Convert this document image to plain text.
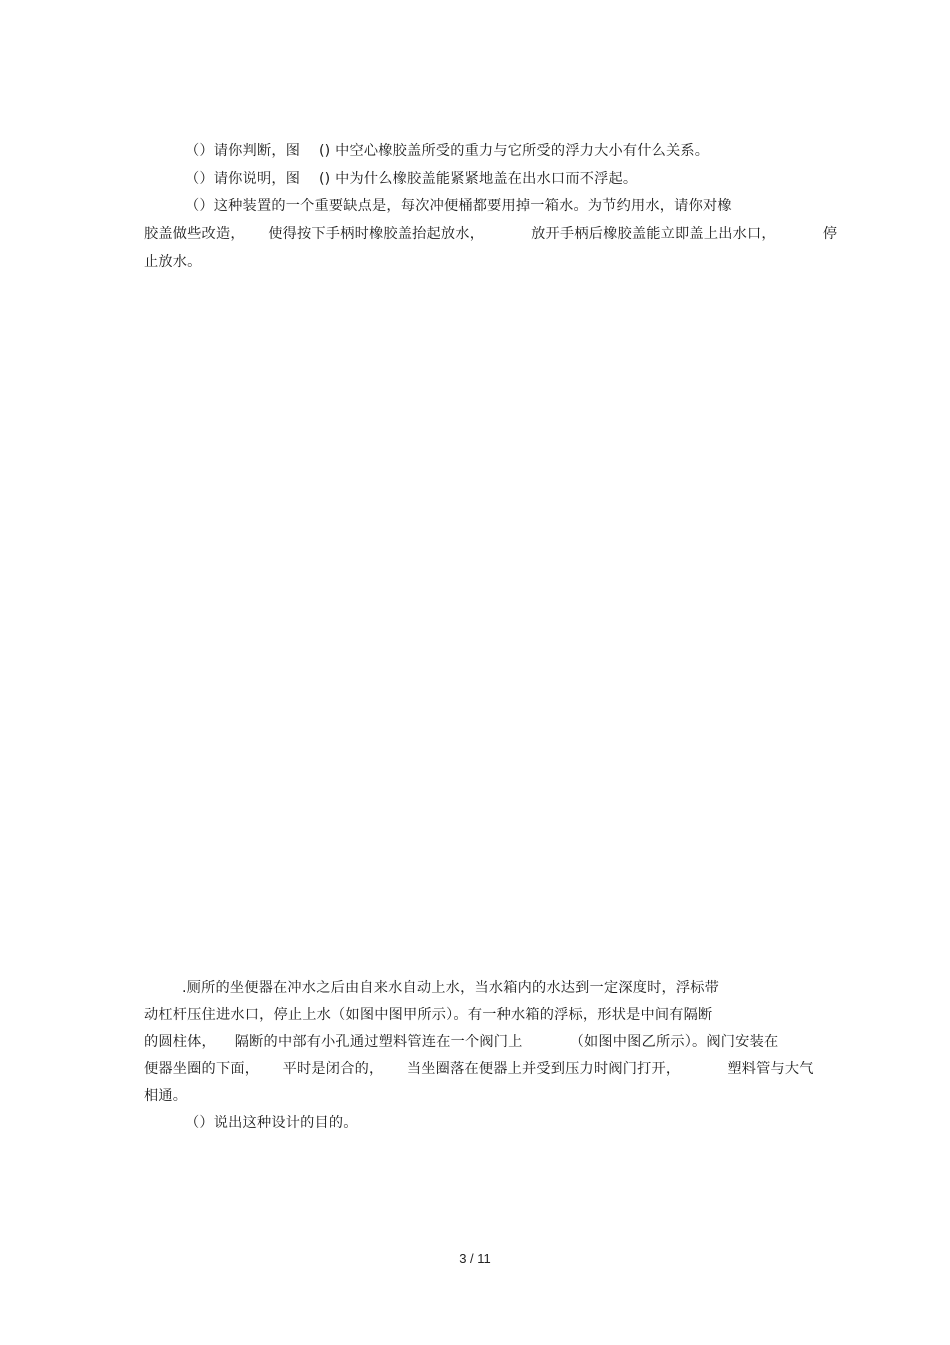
（）请你判断，图    () 中空心橡胶盖所受的重力与它所受的浮力大小有什么关系。
（）请你说明，图    () 中为什么橡胶盖能紧紧地盖在出水口而不浮起。
（）这种装置的一个重要缺点是，每次冲便桶都要用掉一箱水。为节约用水，请你对橡
胶盖做些改造，     使得按下手柄时橡胶盖抬起放水，          放开手柄后橡胶盖能立即盖上出水口，          停
止放水。
.厕所的坐便器在冲水之后由自来水自动上水，当水箱内的水达到一定深度时，浮标带
动杠杆压住进水口，停止上水（如图中图甲所示）。有一种水箱的浮标，形状是中间有隔断
的圆柱体，    隔断的中部有小孔通过塑料管连在一个阀门上          （如图中图乙所示）。阀门安装在
便器坐圈的下面，     平时是闭合的，     当坐圈落在便器上并受到压力时阀门打开，          塑料管与大气
相通。
（）说出这种设计的目的。
3 / 11
